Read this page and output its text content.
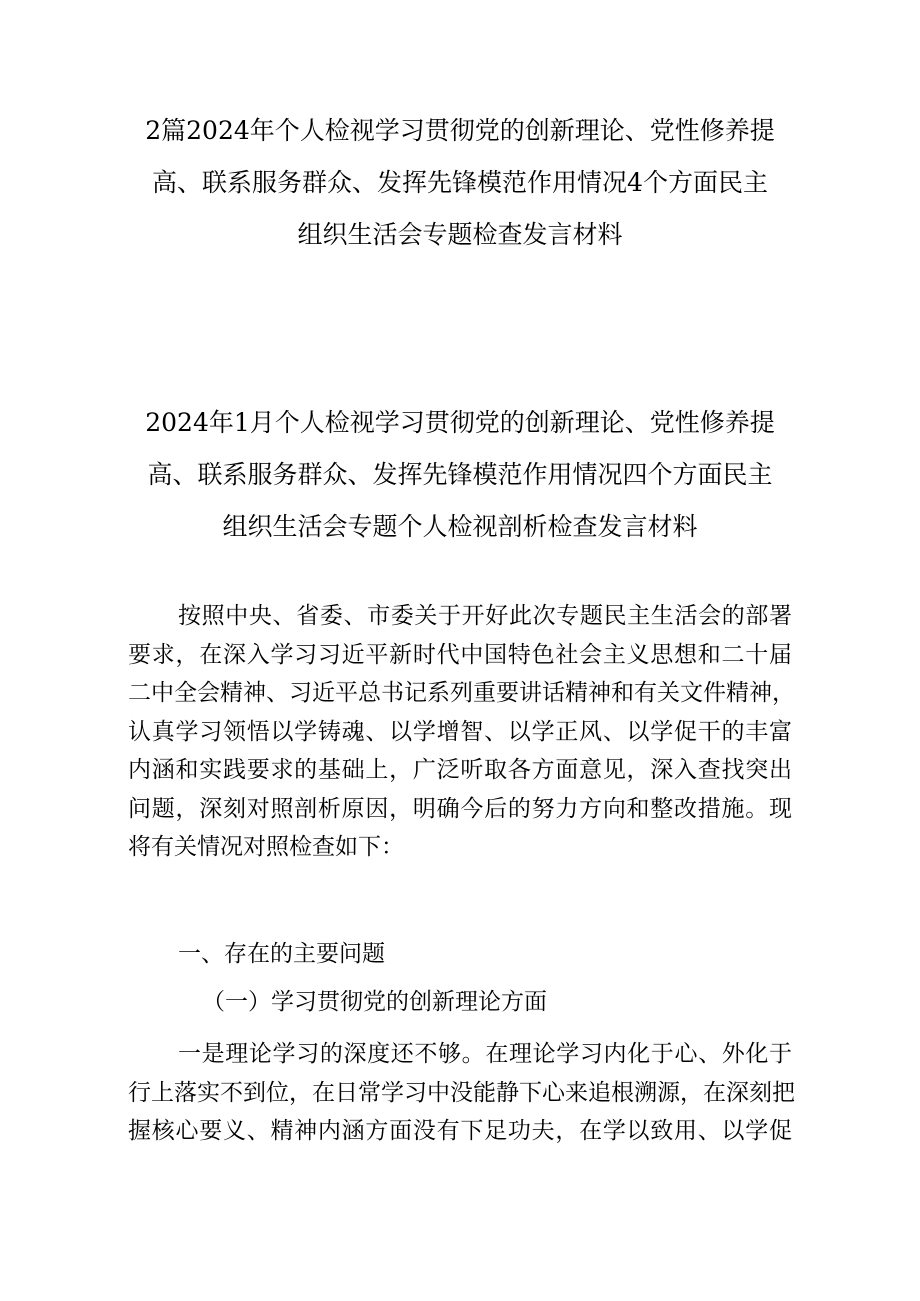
2篇2024年个人检视学习贯彻党的创新理论、党性修养提
高、联系服务群众、发挥先锋模范作用情况4个方面民主
组织生活会专题检查发言材料
2024年1月个人检视学习贯彻党的创新理论、党性修养提
高、联系服务群众、发挥先锋模范作用情况四个方面民主
组织生活会专题个人检视剖析检查发言材料
按照中央、省委、市委关于开好此次专题民主生活会的部署
要求，在深入学习习近平新时代中国特色社会主义思想和二十届
二中全会精神、习近平总书记系列重要讲话精神和有关文件精神，
认真学习领悟以学铸魂、以学增智、以学正风、以学促干的丰富
内涵和实践要求的基础上，广泛听取各方面意见，深入查找突出
问题，深刻对照剖析原因，明确今后的努力方向和整改措施。现
将有关情况对照检查如下：
一、存在的主要问题
（一）学习贯彻党的创新理论方面
一是理论学习的深度还不够。在理论学习内化于心、外化于
行上落实不到位，在日常学习中没能静下心来追根溯源，在深刻把
握核心要义、精神内涵方面没有下足功夫，在学以致用、以学促
